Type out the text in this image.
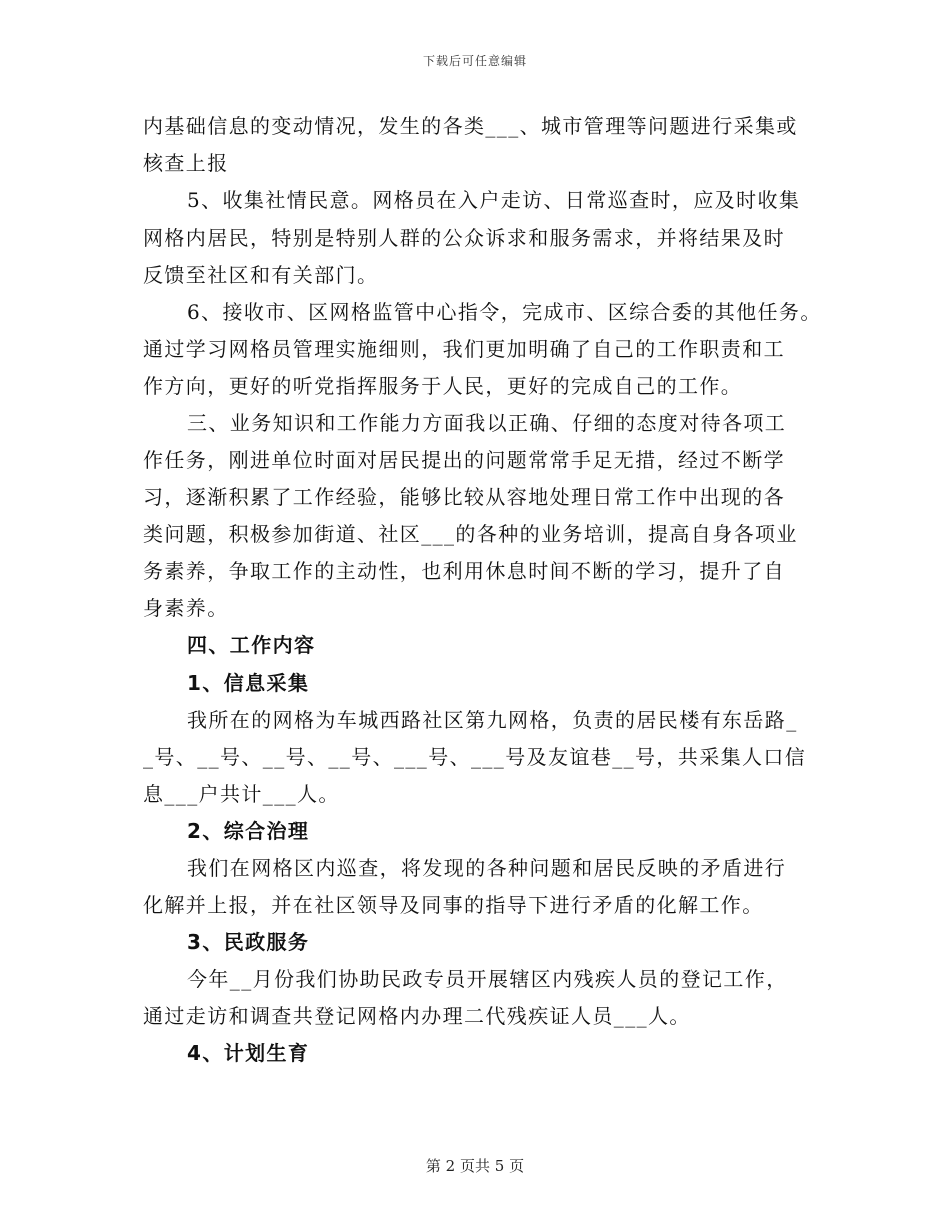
下载后可任意编辑
内基础信息的变动情况，发生的各类___、城市管理等问题进行采集或
核查上报
5、收集社情民意。网格员在入户走访、日常巡查时，应及时收集
网格内居民，特别是特别人群的公众诉求和服务需求，并将结果及时
反馈至社区和有关部门。
6、接收市、区网格监管中心指令，完成市、区综合委的其他任务。
通过学习网格员管理实施细则，我们更加明确了自己的工作职责和工
作方向，更好的听党指挥服务于人民，更好的完成自己的工作。
三、业务知识和工作能力方面我以正确、仔细的态度对待各项工
作任务，刚进单位时面对居民提出的问题常常手足无措，经过不断学
习，逐渐积累了工作经验，能够比较从容地处理日常工作中出现的各
类问题，积极参加街道、社区___的各种的业务培训，提高自身各项业
务素养，争取工作的主动性，也利用休息时间不断的学习，提升了自
身素养。
四、工作内容
1、信息采集
我所在的网格为车城西路社区第九网格，负责的居民楼有东岳路_
_号、__号、__号、__号、___号、___号及友谊巷__号，共采集人口信
息___户共计___人。
2、综合治理
我们在网格区内巡查，将发现的各种问题和居民反映的矛盾进行
化解并上报，并在社区领导及同事的指导下进行矛盾的化解工作。
3、民政服务
今年__月份我们协助民政专员开展辖区内残疾人员的登记工作，
通过走访和调查共登记网格内办理二代残疾证人员___人。
4、计划生育
第 2 页共 5 页
